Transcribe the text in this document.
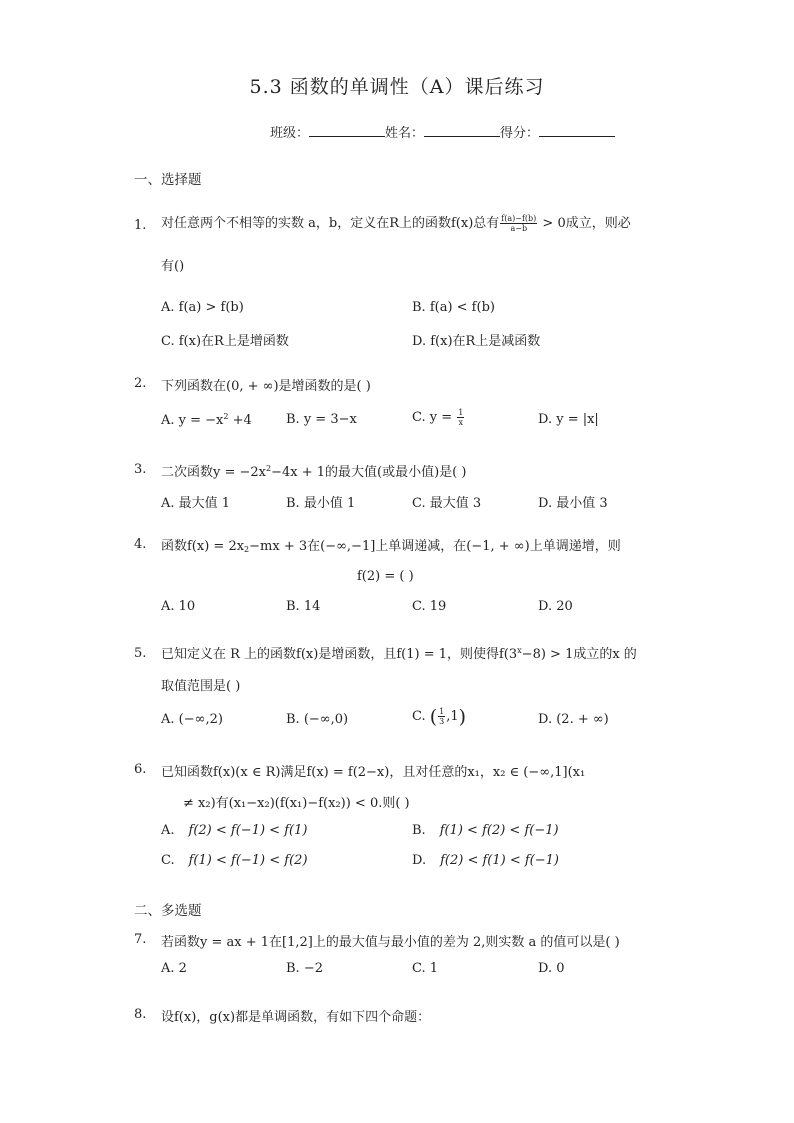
5.3 函数的单调性（A）课后练习
班级：	姓名：	得分：
一、选择题
1. 对任意两个不相等的实数 a，b，定义在R上的函数f(x)总有 $\frac{f(a)-f(b)}{a-b} > 0$成立，则必
有()
A. f(a) > f(b)	B. f(a) < f(b)
C. f(x)在R上是增函数	D. f(x)在R上是减函数
2. 下列函数在(0, + ∞)是增函数的是( )
A. $y = -x^2 +4$	B. y = 3−x	C. $y = \frac{1}{x}$	D. y = |x|
3. 二次函数$y = -2x^2-4x + 1$的最大值(或最小值)是( )
A. 最大值 1	B. 最小值 1	C. 最大值 3	D. 最小值 3
4. 函数$f(x) = 2x_2-mx + 3$在(−∞,−1]上单调递减，在(−1, + ∞)上单调递增，则
f(2) = ( )
A. 10	B. 14	C. 19	D. 20
5. 已知定义在 R 上的函数f(x)是增函数，且f(1) = 1，则使得$f(3^x-8) > 1$成立的x 的
取值范围是( )
A. (−∞,2)	B. (−∞,0)	C. ( $\frac{1}{3} ,1$)	D. (2. + ∞)
6. 已知函数f(x)(x ∈ R)满足f(x) = f(2−x)，且对任意的x₁，x₂ ∈ (−∞,1](x₁
≠ x₂)有(x₁−x₂)(f(x₁)−f(x₂)) < 0.则( )
A. f(2) < f(−1) < f(1)	B. f(1) < f(2) < f(−1)
C. f(1) < f(−1) < f(2)	D. f(2) < f(1) < f(−1)
二、多选题
7. 若函数y = ax + 1在[1,2]上的最大值与最小值的差为 2,则实数 a 的值可以是( )
A. 2	B. −2	C. 1	D. 0
8. 设f(x)，g(x)都是单调函数，有如下四个命题：
